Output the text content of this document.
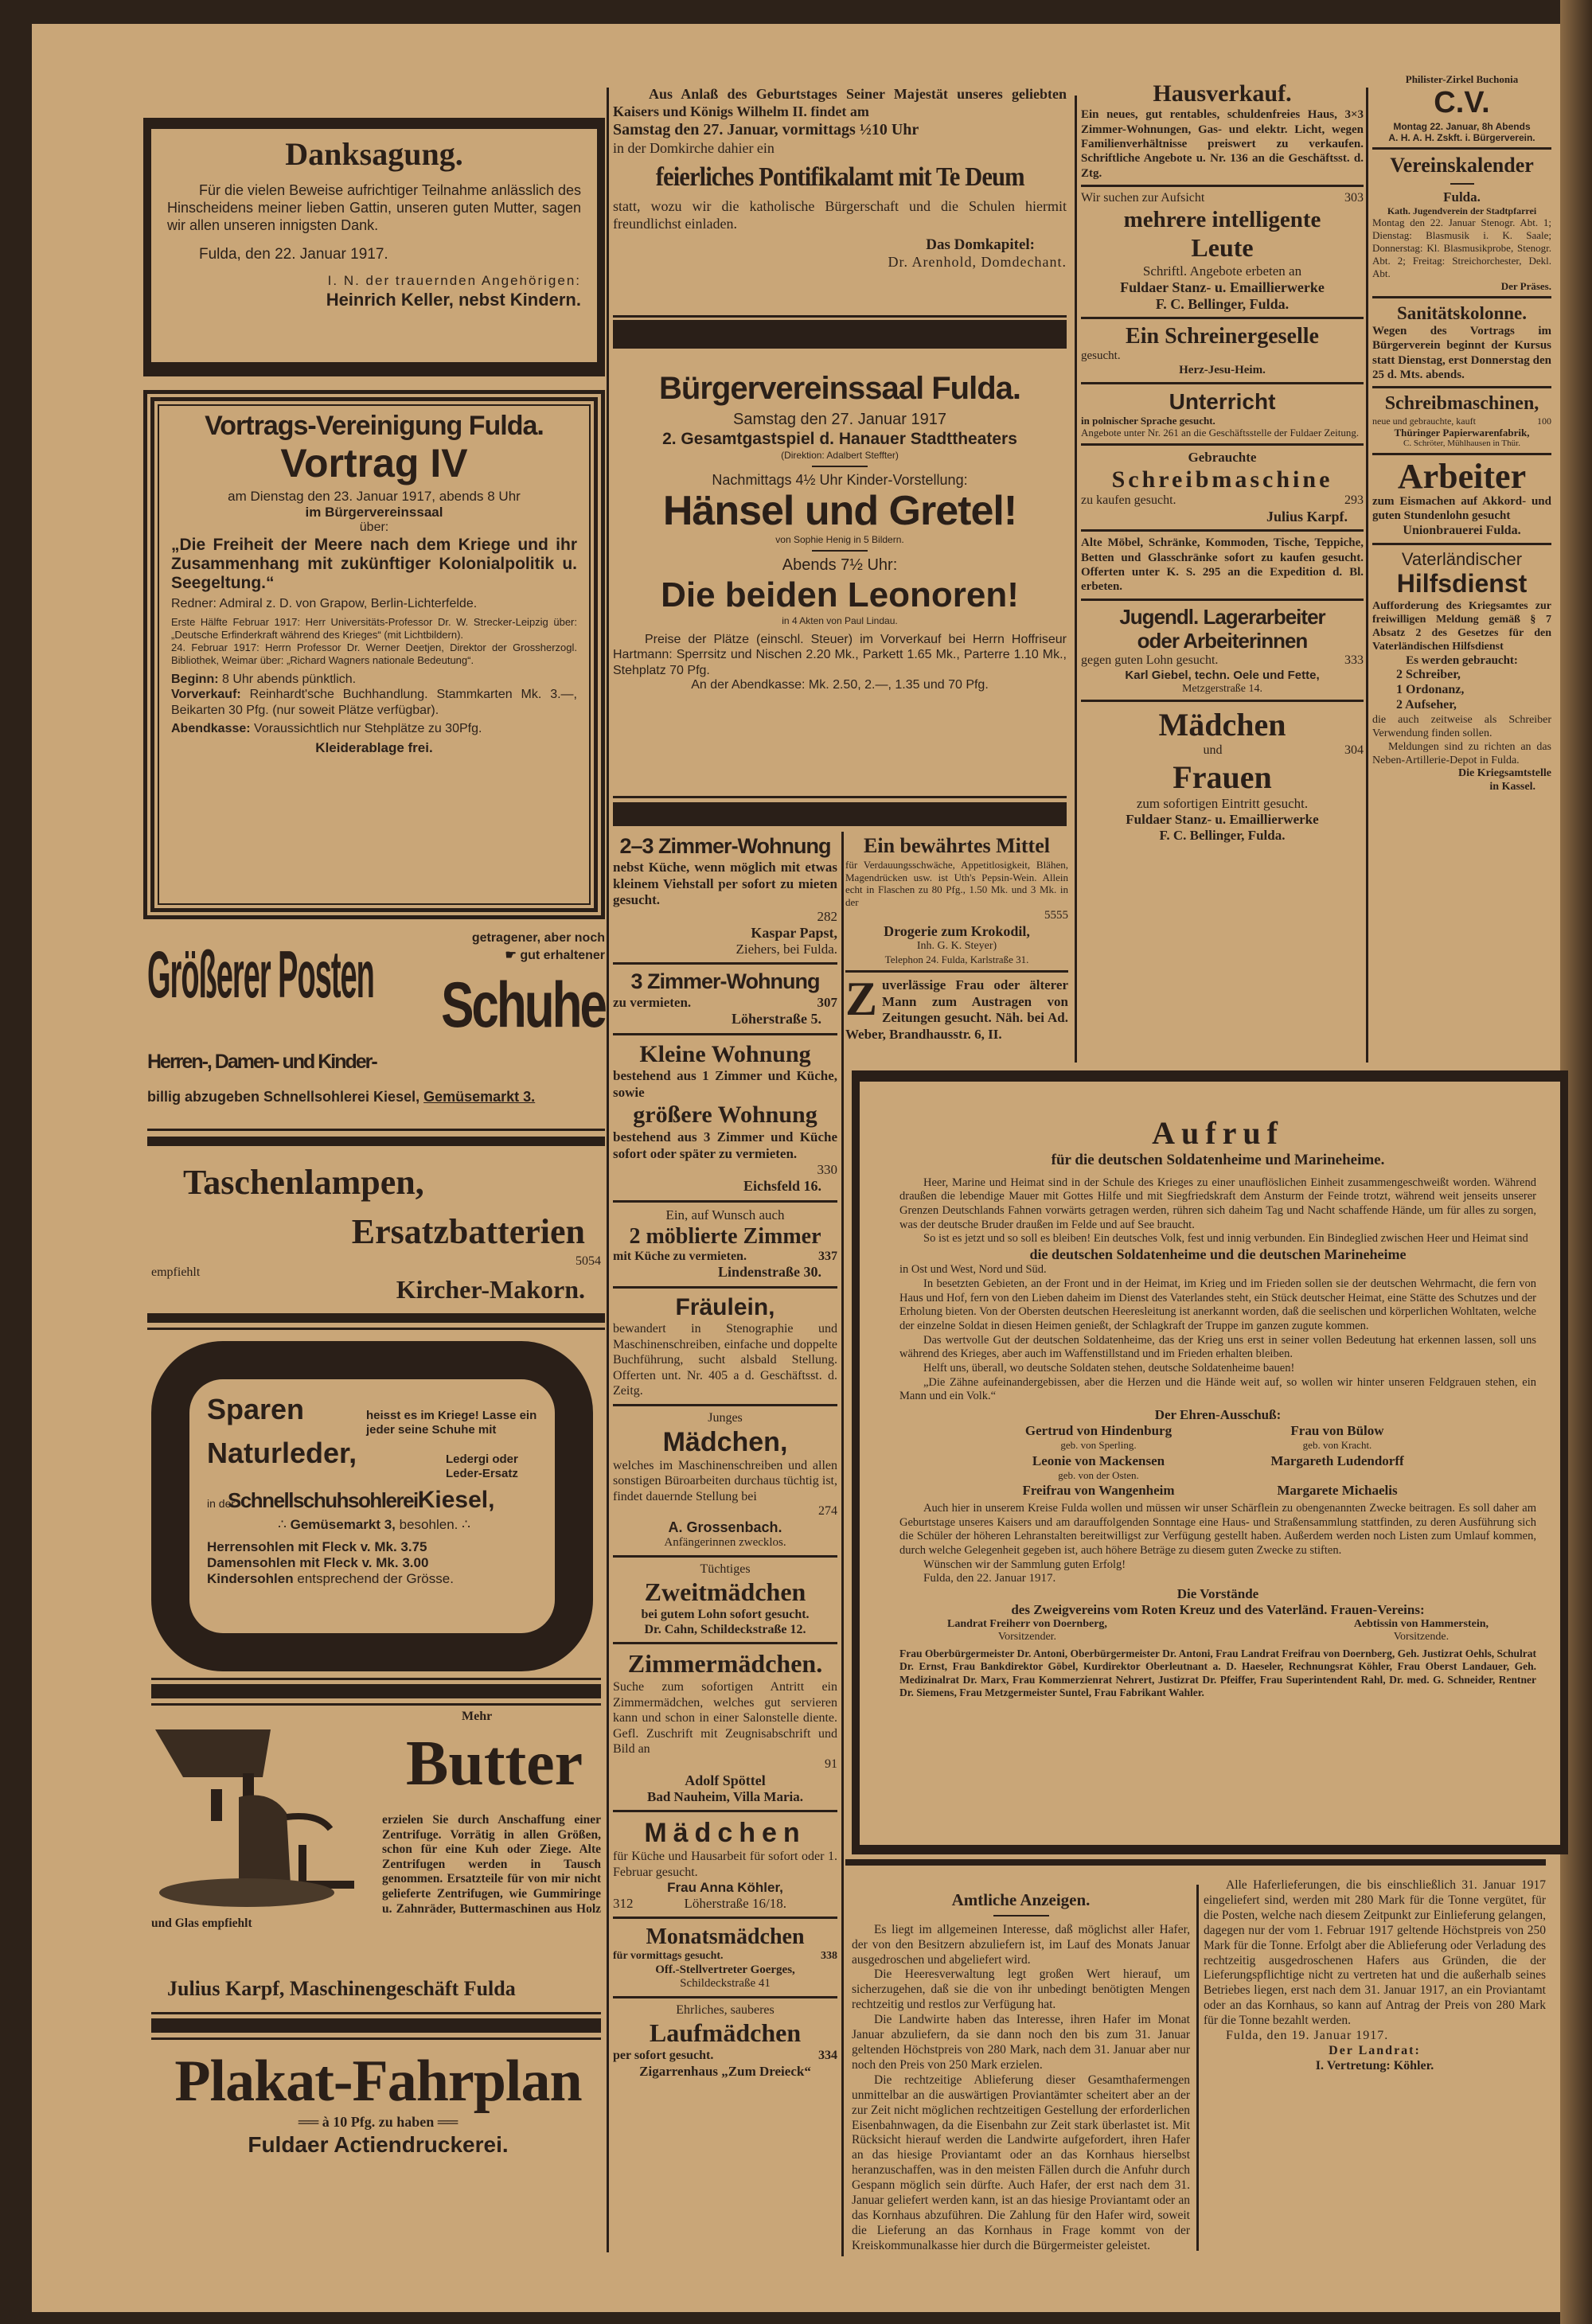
Danksagung.
Für die vielen Beweise aufrichtiger Teilnahme anlässlich des Hinscheidens meiner lieben Gattin, unseren guten Mutter, sagen wir allen unseren innigsten Dank.
Fulda, den 22. Januar 1917.
I. N. der trauernden Angehörigen:
Heinrich Keller, nebst Kindern.
Vortrags-Vereinigung Fulda.
Vortrag IV
am Dienstag den 23. Januar 1917, abends 8 Uhr
im Bürgervereinssaal
über:
„Die Freiheit der Meere nach dem Kriege und ihr Zusammenhang mit zukünftiger Kolonialpolitik u. Seegeltung.“
Redner: Admiral z. D. von Grapow, Berlin-Lichterfelde.
Erste Hälfte Februar 1917: Herr Universitäts-Professor Dr. W. Strecker-Leipzig über: „Deutsche Erfinderkraft während des Krieges“ (mit Lichtbildern).
24. Februar 1917: Herrn Professor Dr. Werner Deetjen, Direktor der Grossherzogl. Bibliothek, Weimar über: „Richard Wagners nationale Bedeutung“.
Beginn: 8 Uhr abends pünktlich.
Vorverkauf: Reinhardt'sche Buchhandlung. Stammkarten Mk. 3.—, Beikarten 30 Pfg. (nur soweit Plätze verfügbar).
Abendkasse: Voraussichtlich nur Stehplätze zu 30Pfg.
Kleiderablage frei.
Größerer Posten
getragener, aber noch
☛ gut erhaltener
Schuhe
Herren-, Damen- und Kinder-
billig abzugeben Schnellsohlerei Kiesel, Gemüsemarkt 3.
Taschenlampen,
Ersatzbatterien
empfiehlt
5054
Kircher-Makorn.
Sparen	heisst es im Kriege! Lasse ein jeder seine Schuhe mit
Naturleder,	Ledergi oder
Leder-Ersatz
in derSchnellschuhsohlereiKiesel,
∴ Gemüsemarkt 3, besohlen. ∴
Herrensohlen mit Fleck v. Mk. 3.75
Damensohlen mit Fleck v. Mk. 3.00
Kindersohlen entsprechend der Grösse.
Mehr
Butter
erzielen Sie durch Anschaffung einer Zentrifuge. Vorrätig in allen Größen, schon für eine Kuh oder Ziege. Alte Zentrifugen werden in Tausch genommen. Ersatzteile für von mir nicht gelieferte Zentrifugen, wie Gummiringe u. Zahnräder, Buttermaschinen aus Holz und Glas empfiehlt
Julius Karpf, Maschinengeschäft Fulda
Plakat-Fahrplan
══ à 10 Pfg. zu haben ══
Fuldaer Actiendruckerei.
Aus Anlaß des Geburtstages Seiner Majestät unseres geliebten Kaisers und Königs Wilhelm II. findet am
Samstag den 27. Januar, vormittags ½10 Uhr
in der Domkirche dahier ein
feierliches Pontifikalamt mit Te Deum
statt, wozu wir die katholische Bürgerschaft und die Schulen hiermit freundlichst einladen.
Das Domkapitel:
Dr. Arenhold, Domdechant.
Bürgervereinssaal Fulda.
Samstag den 27. Januar 1917
2. Gesamtgastspiel d. Hanauer Stadttheaters
(Direktion: Adalbert Steffter)
Nachmittags 4½ Uhr Kinder-Vorstellung:
Hänsel und Gretel!
von Sophie Henig in 5 Bildern.
Abends 7½ Uhr:
Die beiden Leonoren!
in 4 Akten von Paul Lindau.
Preise der Plätze (einschl. Steuer) im Vorverkauf bei Herrn Hoffriseur Hartmann: Sperrsitz und Nischen 2.20 Mk., Parkett 1.65 Mk., Parterre 1.10 Mk., Stehplatz 70 Pfg.
An der Abendkasse: Mk. 2.50, 2.—, 1.35 und 70 Pfg.
2–3 Zimmer-Wohnung
nebst Küche, wenn möglich mit etwas kleinem Viehstall per sofort zu mieten gesucht.
282
Kaspar Papst,
Ziehers, bei Fulda.
3 Zimmer-Wohnung
zu vermieten.	307
Löherstraße 5.
Kleine Wohnung
bestehend aus 1 Zimmer und Küche, sowie
größere Wohnung
bestehend aus 3 Zimmer und Küche sofort oder später zu vermieten.
330
Eichsfeld 16.
Ein, auf Wunsch auch
2 möblierte Zimmer
mit Küche zu vermieten.	337
Lindenstraße 30.
Fräulein,
bewandert in Stenographie und Maschinenschreiben, einfache und doppelte Buchführung, sucht alsbald Stellung. Offerten unt. Nr. 405 a d. Geschäftsst. d. Zeitg.
Junges
Mädchen,
welches im Maschinenschreiben und allen sonstigen Büroarbeiten durchaus tüchtig ist, findet dauernde Stellung bei
274
A. Grossenbach.
Anfängerinnen zwecklos.
Tüchtiges
Zweitmädchen
bei gutem Lohn sofort gesucht.
Dr. Cahn, Schildeckstraße 12.
Zimmermädchen.
Suche zum sofortigen Antritt ein Zimmermädchen, welches gut servieren kann und schon in einer Salonstelle diente. Gefl. Zuschrift mit Zeugnisabschrift und Bild an
91
Adolf Spöttel
Bad Nauheim, Villa Maria.
Mädchen
für Küche und Hausarbeit für sofort oder 1. Februar gesucht.
Frau Anna Köhler,
312	Löherstraße 16/18.
Monatsmädchen
für vormittags gesucht.	338
Off.-Stellvertreter Goerges,
Schildeckstraße 41
Ehrliches, sauberes
Laufmädchen
per sofort gesucht.	334
Zigarrenhaus „Zum Dreieck“
Ein bewährtes Mittel
für Verdauungsschwäche, Appetitlosigkeit, Blähen, Magendrücken usw. ist Uth's Pepsin-Wein. Allein echt in Flaschen zu 80 Pfg., 1.50 Mk. und 3 Mk. in der
5555
Drogerie zum Krokodil,
Inh. G. K. Steyer)
Telephon 24. Fulda, Karlstraße 31.
Zuverlässige Frau oder älterer Mann zum Austragen von Zeitungen gesucht. Näh. bei Ad. Weber, Brandhausstr. 6, II.
Aufruf
für die deutschen Soldatenheime und Marineheime.
Heer, Marine und Heimat sind in der Schule des Krieges zu einer unauflöslichen Einheit zusammengeschweißt worden. Während draußen die lebendige Mauer mit Gottes Hilfe und mit Siegfriedskraft dem Ansturm der Feinde trotzt, während weit jenseits unserer Grenzen Deutschlands Fahnen vorwärts getragen werden, rühren sich daheim Tag und Nacht schaffende Hände, um für alles zu sorgen, was der deutsche Bruder draußen im Felde und auf See braucht.
So ist es jetzt und so soll es bleiben! Ein deutsches Volk, fest und innig verbunden. Ein Bindeglied zwischen Heer und Heimat sind
die deutschen Soldatenheime und die deutschen Marineheime
in Ost und West, Nord und Süd.
In besetzten Gebieten, an der Front und in der Heimat, im Krieg und im Frieden sollen sie der deutschen Wehrmacht, die fern von Haus und Hof, fern von den Lieben daheim im Dienst des Vaterlandes steht, ein Stück deutscher Heimat, eine Stätte des Schutzes und der Erholung bieten. Von der Obersten deutschen Heeresleitung ist anerkannt worden, daß die seelischen und körperlichen Wohltaten, welche der einzelne Soldat in diesen Heimen genießt, der Schlagkraft der Truppe im ganzen zugute kommen.
Das wertvolle Gut der deutschen Soldatenheime, das der Krieg uns erst in seiner vollen Bedeutung hat erkennen lassen, soll uns während des Krieges, aber auch im Waffenstillstand und im Frieden erhalten bleiben.
Helft uns, überall, wo deutsche Soldaten stehen, deutsche Soldatenheime bauen!
„Die Zähne aufeinandergebissen, aber die Herzen und die Hände weit auf, so wollen wir hinter unseren Feldgrauen stehen, ein Mann und ein Volk.“
Der Ehren-Ausschuß:
Gertrud von Hindenburg
geb. von Sperling.
Frau von Bülow
geb. von Kracht.
Leonie von Mackensen
geb. von der Osten.
Margareth Ludendorff
Freifrau von Wangenheim	Margarete Michaelis
Auch hier in unserem Kreise Fulda wollen und müssen wir unser Schärflein zu obengenannten Zwecke beitragen. Es soll daher am Geburtstage unseres Kaisers und am darauffolgenden Sonntage eine Haus- und Straßensammlung stattfinden, zu deren Ausführung sich die Schüler der höheren Lehranstalten bereitwilligst zur Verfügung gestellt haben. Außerdem werden noch Listen zum Umlauf kommen, durch welche Gelegenheit gegeben ist, auch höhere Beträge zu diesem guten Zwecke zu stiften.
Wünschen wir der Sammlung guten Erfolg!
Fulda, den 22. Januar 1917.
Die Vorstände
des Zweigvereins vom Roten Kreuz und des Vaterländ. Frauen-Vereins:
Landrat Freiherr von Doernberg,
Vorsitzender.
Aebtissin von Hammerstein,
Vorsitzende.
Frau Oberbürgermeister Dr. Antoni, Oberbürgermeister Dr. Antoni, Frau Landrat Freifrau von Doernberg, Geh. Justizrat Oehls, Schulrat Dr. Ernst, Frau Bankdirektor Göbel, Kurdirektor Oberleutnant a. D. Haeseler, Rechnungsrat Köhler, Frau Oberst Landauer, Geh. Medizinalrat Dr. Marx, Frau Kommerzienrat Nehrert, Justizrat Dr. Pfeiffer, Frau Superintendent Rahl, Dr. med. G. Schneider, Rentner Dr. Siemens, Frau Metzgermeister Suntel, Frau Fabrikant Wahler.
Amtliche Anzeigen.
Es liegt im allgemeinen Interesse, daß möglichst aller Hafer, der von den Besitzern abzuliefern ist, im Lauf des Monats Januar ausgedroschen und abgeliefert wird.
Die Heeresverwaltung legt großen Wert hierauf, um sicherzugehen, daß sie die von ihr unbedingt benötigten Mengen rechtzeitig und restlos zur Verfügung hat.
Die Landwirte haben das Interesse, ihren Hafer im Monat Januar abzuliefern, da sie dann noch den bis zum 31. Januar geltenden Höchstpreis von 280 Mark, nach dem 31. Januar aber nur noch den Preis von 250 Mark erzielen.
Die rechtzeitige Ablieferung dieser Gesamthafermengen unmittelbar an die auswärtigen Proviantämter scheitert aber an der zur Zeit nicht möglichen rechtzeitigen Gestellung der erforderlichen Eisenbahnwagen, da die Eisenbahn zur Zeit stark überlastet ist. Mit Rücksicht hierauf werden die Landwirte aufgefordert, ihren Hafer an das hiesige Proviantamt oder an das Kornhaus hierselbst heranzuschaffen, was in den meisten Fällen durch die Anfuhr durch Gespann möglich sein dürfte. Auch Hafer, der erst nach dem 31. Januar geliefert werden kann, ist an das hiesige Proviantamt oder an das Kornhaus abzuführen. Die Zahlung für den Hafer wird, soweit die Lieferung an das Kornhaus in Frage kommt von der Kreiskommunalkasse hier durch die Bürgermeister geleistet.
Alle Haferlieferungen, die bis einschließlich 31. Januar 1917 eingeliefert sind, werden mit 280 Mark für die Tonne vergütet, für die Posten, welche nach diesem Zeitpunkt zur Einlieferung gelangen, dagegen nur der vom 1. Februar 1917 geltende Höchstpreis von 250 Mark für die Tonne. Erfolgt aber die Ablieferung oder Verladung des rechtzeitig ausgedroschenen Hafers aus Gründen, die der Lieferungspflichtige nicht zu vertreten hat und die außerhalb seines Betriebes liegen, erst nach dem 31. Januar 1917, an ein Proviantamt oder an das Kornhaus, so kann auf Antrag der Preis von 280 Mark für die Tonne bezahlt werden.
Fulda, den 19. Januar 1917.
Der Landrat:
I. Vertretung: Köhler.
Hausverkauf.
Ein neues, gut rentables, schuldenfreies Haus, 3×3 Zimmer-Wohnungen, Gas- und elektr. Licht, wegen Familienverhältnisse preiswert zu verkaufen. Schriftliche Angebote u. Nr. 136 an die Geschäftsst. d. Ztg.
Wir suchen zur Aufsicht	303
mehrere intelligente
Leute
Schriftl. Angebote erbeten an
Fuldaer Stanz- u. Emaillierwerke
F. C. Bellinger, Fulda.
Ein Schreinergeselle
gesucht.
Herz-Jesu-Heim.
Unterricht
in polnischer Sprache gesucht.
Angebote unter Nr. 261 an die Geschäftsstelle der Fuldaer Zeitung.
Gebrauchte
Schreibmaschine
zu kaufen gesucht.	293
Julius Karpf.
Alte Möbel, Schränke, Kommoden, Tische, Teppiche, Betten und Glasschränke sofort zu kaufen gesucht. Offerten unter K. S. 295 an die Expedition d. Bl. erbeten.
Jugendl. Lagerarbeiter
oder Arbeiterinnen
gegen guten Lohn gesucht.	333
Karl Giebel, techn. Oele und Fette,
Metzgerstraße 14.
Mädchen
und	304
Frauen
zum sofortigen Eintritt gesucht.
Fuldaer Stanz- u. Emaillierwerke
F. C. Bellinger, Fulda.
Philister-Zirkel Buchonia
C.V.
Montag 22. Januar, 8h Abends
A. H. A. H. Zskft. i. Bürgerverein.
Vereinskalender
Fulda.
Kath. Jugendverein der Stadtpfarrei
Montag den 22. Januar Stenogr. Abt. 1; Dienstag: Blasmusik i. K. Saale; Donnerstag: Kl. Blasmusikprobe, Stenogr. Abt. 2; Freitag: Streichorchester, Dekl. Abt.
Der Präses.
Sanitätskolonne.
Wegen des Vortrags im Bürgerverein beginnt der Kursus statt Dienstag, erst Donnerstag den 25 d. Mts. abends.
Schreibmaschinen,
neue und gebrauchte, kauft	100
Thüringer Papierwarenfabrik,
C. Schröter, Mühlhausen in Thür.
Arbeiter
zum Eismachen auf Akkord- und guten Stundenlohn gesucht
Unionbrauerei Fulda.
Vaterländischer
Hilfsdienst
Aufforderung des Kriegsamtes zur freiwilligen Meldung gemäß § 7 Absatz 2 des Gesetzes für den Vaterländischen Hilfsdienst
Es werden gebraucht:
2 Schreiber,
1 Ordonanz,
2 Aufseher,
die auch zeitweise als Schreiber Verwendung finden sollen.
Meldungen sind zu richten an das Neben-Artillerie-Depot in Fulda.
Die Kriegsamtstelle
in Kassel.
